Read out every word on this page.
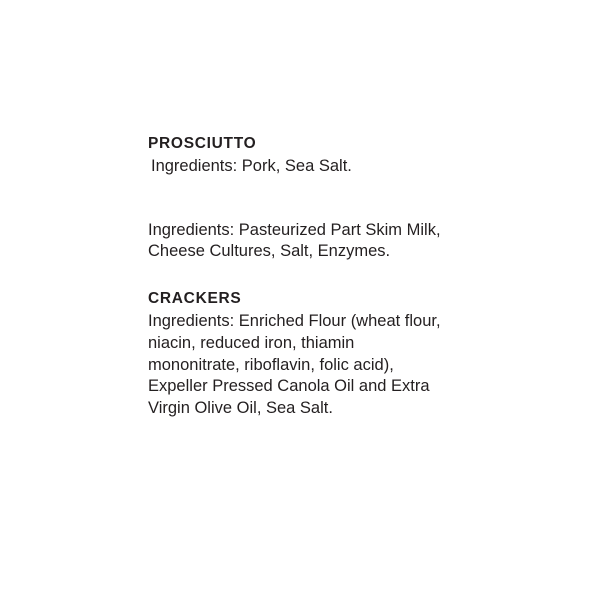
PROSCIUTTO

Ingredients: Pork, Sea Salt.

Ingredients: Pasteurized Part Skim Milk, Cheese Cultures, Salt, Enzymes.

CRACKERS

Ingredients: Enriched Flour (wheat flour, niacin, reduced iron, thiamin mononitrate, riboflavin, folic acid), Expeller Pressed Canola Oil and Extra Virgin Olive Oil, Sea Salt.
